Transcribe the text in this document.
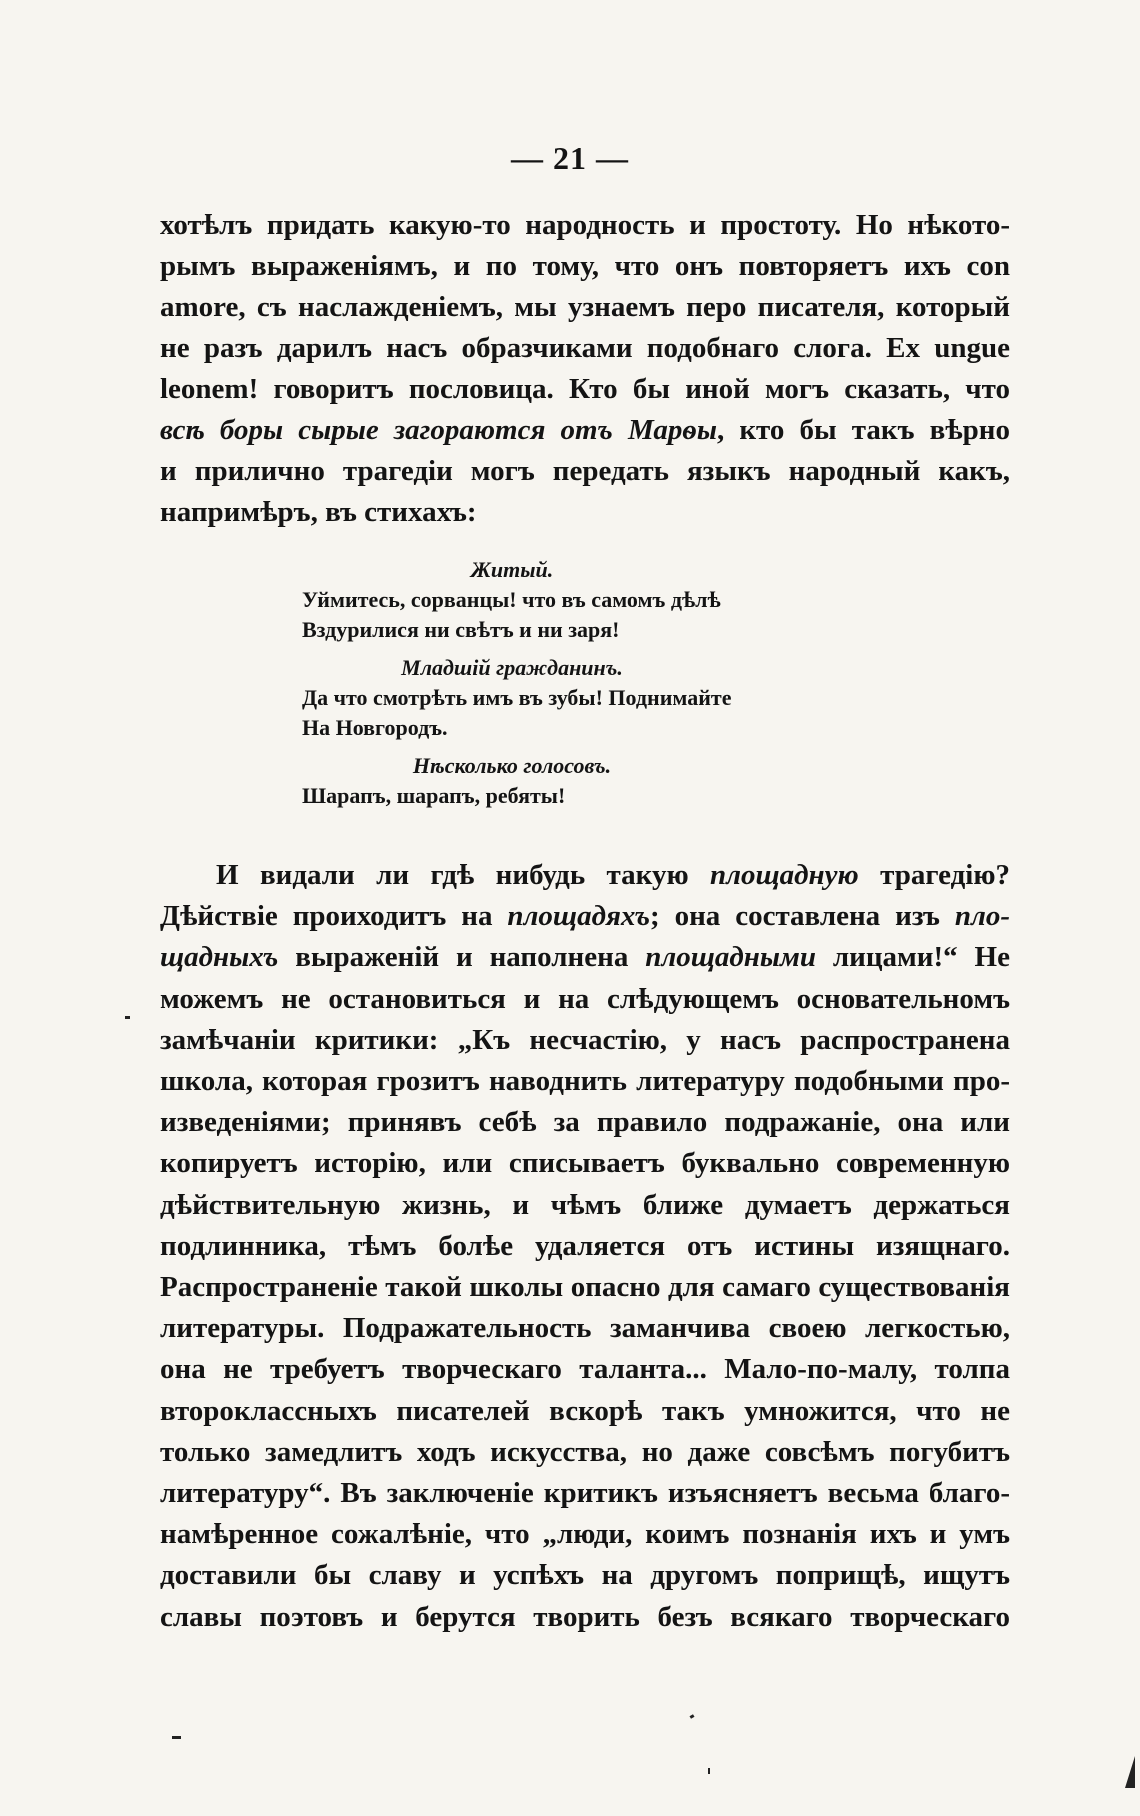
— 21 —
хотѣлъ придать какую-то народность и простоту. Но нѣкото-
рымъ выраженiямъ, и по тому, что онъ повторяетъ ихъ con
amore, съ наслажденiемъ, мы узнаемъ перо писателя, который
не разъ дарилъ насъ образчиками подобнаго слога. Ex ungue
leonem! говоритъ пословица. Кто бы иной могъ сказать, что
всѣ боры сырые загораются отъ Марѳы, кто бы такъ вѣрно
и прилично трагедiи могъ передать языкъ народный какъ,
напримѣръ, въ стихахъ:
Житый.
Уймитесь, сорванцы! что въ самомъ дѣлѣ
Вздурилися ни свѣтъ и ни заря!
Младшiй гражданинъ.
Да что смотрѣть имъ въ зубы! Поднимайте
На Новгородъ.
Нѣсколько голосовъ.
Шарапъ, шарапъ, ребяты!
И видали ли гдѣ нибудь такую площадную трагедiю?
Дѣйствiе проиходитъ на площадяхъ; она составлена изъ пло-
щадныхъ выраженiй и наполнена площадными лицами!“ Не
можемъ не остановиться и на слѣдующемъ основательномъ
замѣчанiи критики: „Къ несчастiю, у насъ распространена
школа, которая грозитъ наводнить литературу подобными про-
изведенiями; принявъ себѣ за правило подражанiе, она или
копируетъ исторiю, или списываетъ буквально современную
дѣйствительную жизнь, и чѣмъ ближе думаетъ держаться
подлинника, тѣмъ болѣе удаляется отъ истины изящнаго.
Распространенiе такой школы опасно для самаго существованiя
литературы. Подражательность заманчива своею легкостью,
она не требуетъ творческаго таланта... Мало-по-малу, толпа
второклассныхъ писателей вскорѣ такъ умножится, что не
только замедлитъ ходъ искусства, но даже совсѣмъ погубитъ
литературу“. Въ заключенiе критикъ изъясняетъ весьма благо-
намѣренное сожалѣнiе, что „люди, коимъ познанiя ихъ и умъ
доставили бы славу и успѣхъ на другомъ поприщѣ, ищутъ
славы поэтовъ и берутся творить безъ всякаго творческаго
